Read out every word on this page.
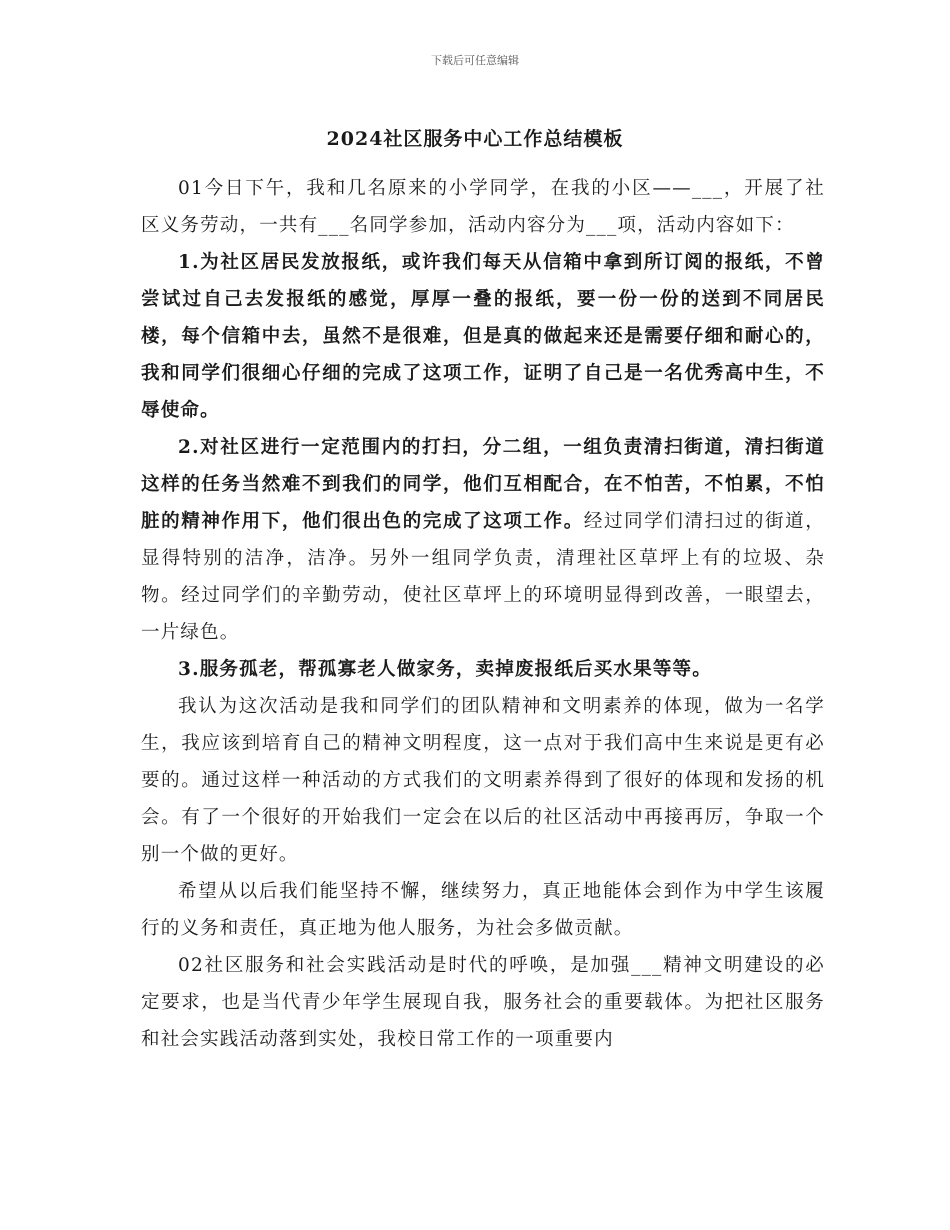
下载后可任意编辑
2024社区服务中心工作总结模板

01今日下午，我和几名原来的小学同学，在我的小区——___，开展了社区义务劳动，一共有___名同学参加，活动内容分为___项，活动内容如下：

1.为社区居民发放报纸，或许我们每天从信箱中拿到所订阅的报纸，不曾尝试过自己去发报纸的感觉，厚厚一叠的报纸，要一份一份的送到不同居民楼，每个信箱中去，虽然不是很难，但是真的做起来还是需要仔细和耐心的，我和同学们很细心仔细的完成了这项工作，证明了自己是一名优秀高中生，不辱使命。

2.对社区进行一定范围内的打扫，分二组，一组负责清扫街道，清扫街道这样的任务当然难不到我们的同学，他们互相配合，在不怕苦，不怕累，不怕脏的精神作用下，他们很出色的完成了这项工作。经过同学们清扫过的街道，显得特别的洁净，洁净。另外一组同学负责，清理社区草坪上有的垃圾、杂物。经过同学们的辛勤劳动，使社区草坪上的环境明显得到改善，一眼望去，一片绿色。

3.服务孤老，帮孤寡老人做家务，卖掉废报纸后买水果等等。

我认为这次活动是我和同学们的团队精神和文明素养的体现，做为一名学生，我应该到培育自己的精神文明程度，这一点对于我们高中生来说是更有必要的。通过这样一种活动的方式我们的文明素养得到了很好的体现和发扬的机会。有了一个很好的开始我们一定会在以后的社区活动中再接再厉，争取一个别一个做的更好。

希望从以后我们能坚持不懈，继续努力，真正地能体会到作为中学生该履行的义务和责任，真正地为他人服务，为社会多做贡献。

02社区服务和社会实践活动是时代的呼唤，是加强___精神文明建设的必定要求，也是当代青少年学生展现自我，服务社会的重要载体。为把社区服务和社会实践活动落到实处，我校日常工作的一项重要内
